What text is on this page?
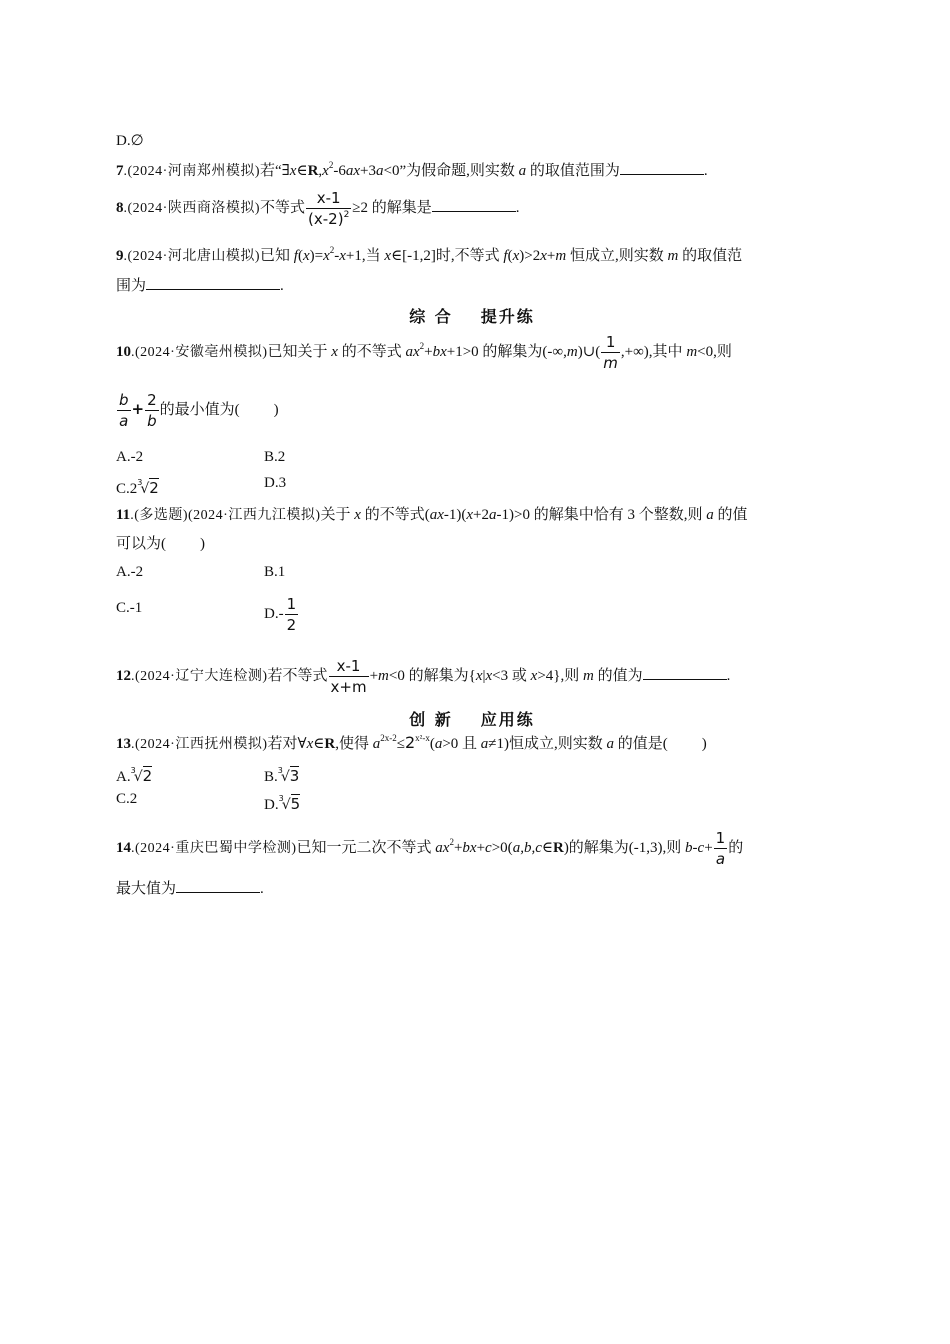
D.∅
7.(2024·河南郑州模拟)若“$\exists x\in R,x^2-6ax+3a<0$”为假命题,则实数 a 的取值范围为	.
8.(2024·陕西商洛模拟)不等式 $\frac{x-1}{(x-2)^2} \ge 2$ 的解集是	.
9.(2024·河北唐山模拟)已知 $f(x)=x^2-x+1$,当 x∈[-1,2]时,不等式 f(x)>2x+m 恒成立,则实数 m 的取值范
围为	.
综 合 提升练
10.(2024·安徽亳州模拟)已知关于 x 的不等式 $ax^2+bx+1>0$ 的解集为(-∞,m)∪( $\frac{1}{m}$ ,+∞),其中 m<0,则
$\frac{b}{a} + \frac{2}{b}$ 的最小值为( )
A.-2	B.2
$C.2^3√2$	D.3
11.(多选题)(2024·江西九江模拟)关于 x 的不等式(ax-1)(x+2a-1)>0 的解集中恰有 3 个整数,则 a 的值
可以为( )
A.-2	B.1
C.-1	$D.- \frac{1}{2}$
12.(2024·辽宁大连检测)若不等式 $\frac{x-1}{x+m} +m<0$ 的解集为{x|x<3 或 x>4},则 m 的值为	.
创 新 应用练
13.(2024·江西抚州模拟)若对∀x∈R,使得 $a^{2x-2}\le 2^{x^2-x}(a>0$ 且 a≠1)恒成立,则实数 a 的值是( )
A.$^3$√2	B.$^3$√3
C.2	D.$^3$√5
14.(2024·重庆巴蜀中学检测)已知一元二次不等式 $ax^2+bx+c>0(a,b,c\in R)$的解集为(-1,3),则 $b-c+ \frac{1}{a}$ 的
最大值为	.
